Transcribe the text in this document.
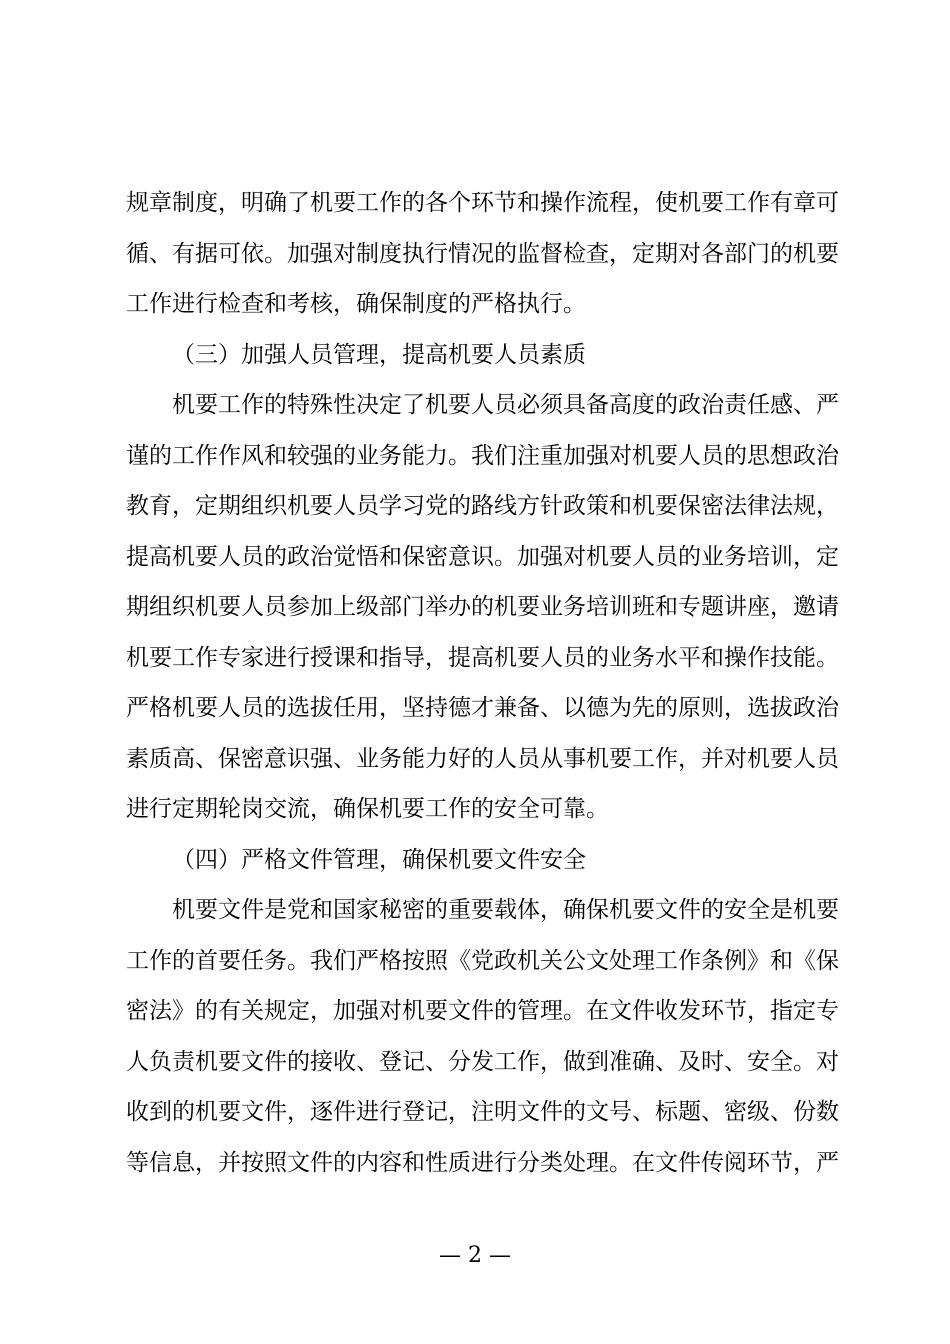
规章制度，明确了机要工作的各个环节和操作流程，使机要工作有章可
循、有据可依。加强对制度执行情况的监督检查，定期对各部门的机要
工作进行检查和考核，确保制度的严格执行。
（三）加强人员管理，提高机要人员素质
机要工作的特殊性决定了机要人员必须具备高度的政治责任感、严
谨的工作作风和较强的业务能力。我们注重加强对机要人员的思想政治
教育，定期组织机要人员学习党的路线方针政策和机要保密法律法规，
提高机要人员的政治觉悟和保密意识。加强对机要人员的业务培训，定
期组织机要人员参加上级部门举办的机要业务培训班和专题讲座，邀请
机要工作专家进行授课和指导，提高机要人员的业务水平和操作技能。
严格机要人员的选拔任用，坚持德才兼备、以德为先的原则，选拔政治
素质高、保密意识强、业务能力好的人员从事机要工作，并对机要人员
进行定期轮岗交流，确保机要工作的安全可靠。
（四）严格文件管理，确保机要文件安全
机要文件是党和国家秘密的重要载体，确保机要文件的安全是机要
工作的首要任务。我们严格按照《党政机关公文处理工作条例》和《保
密法》的有关规定，加强对机要文件的管理。在文件收发环节，指定专
人负责机要文件的接收、登记、分发工作，做到准确、及时、安全。对
收到的机要文件，逐件进行登记，注明文件的文号、标题、密级、份数
等信息，并按照文件的内容和性质进行分类处理。在文件传阅环节，严
— 2 —
